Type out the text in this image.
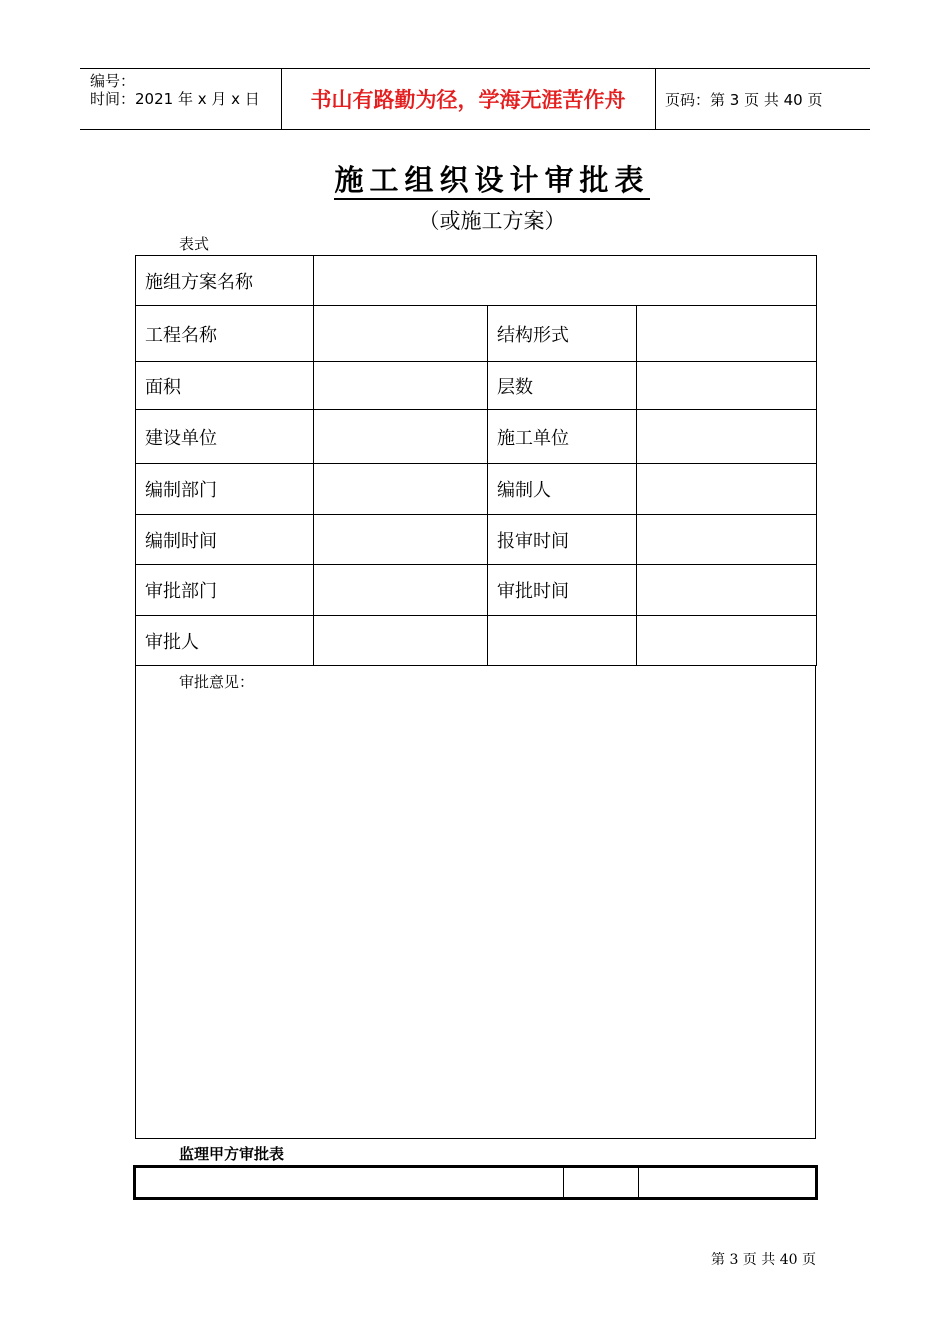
编号：
时间：2021 年 x 月 x 日	书山有路勤为径，学海无涯苦作舟	页码：第 3 页 共 40 页
施工组织设计审批表
（或施工方案）
表式
施组方案名称			
工程名称		结构形式	
面积		层数	
建设单位		施工单位	
编制部门		编制人	
编制时间		报审时间	
审批部门		审批时间	
审批人			
审批意见：
监理甲方审批表

第 3 页 共 40 页
